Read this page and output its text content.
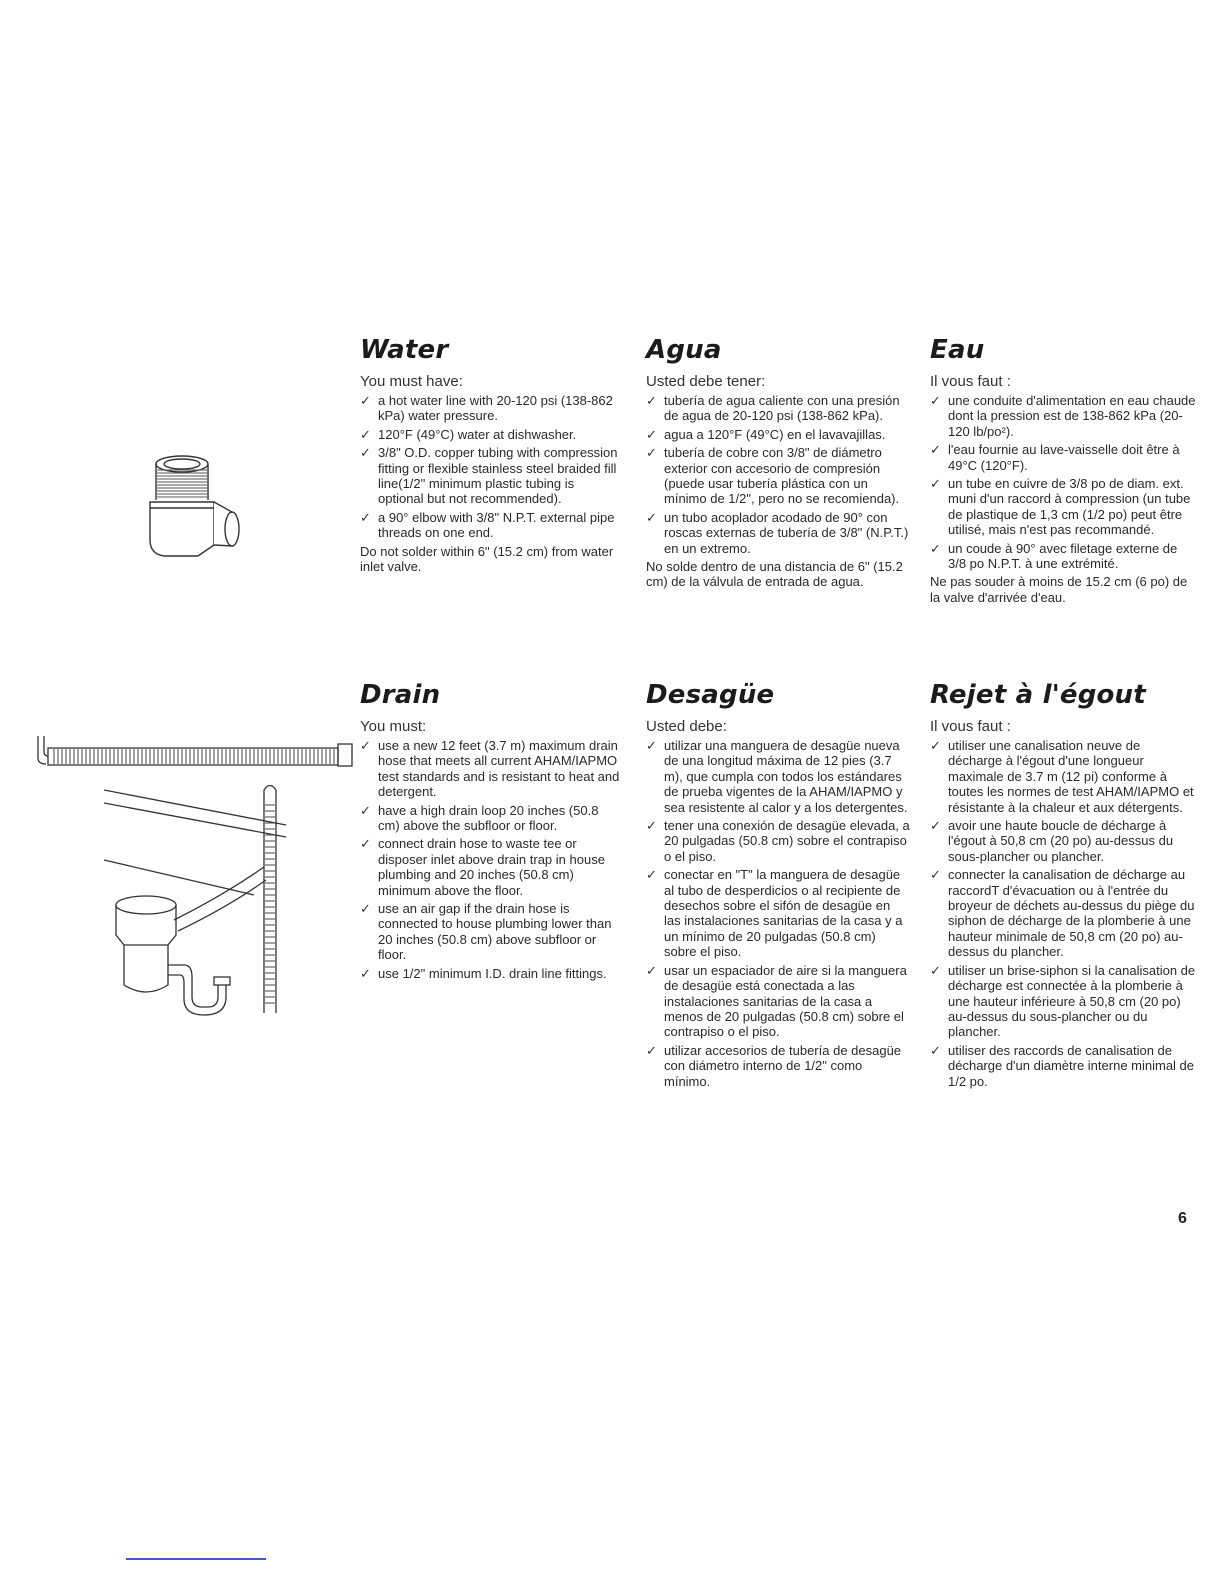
Water

You must have:

✓ a hot water line with 20-120 psi (138-862 kPa) water pressure.
✓ 120°F (49°C) water at dishwasher.
✓ 3/8" O.D. copper tubing with compression fitting or flexible stainless steel braided fill line(1/2" minimum plastic tubing is optional but not recommended).
✓ a 90° elbow with 3/8" N.P.T. external pipe threads on one end.

Do not solder within 6" (15.2 cm) from water inlet valve.

Agua

Usted debe tener:

✓ tubería de agua caliente con una presión de agua de 20-120 psi (138-862 kPa).
✓ agua a 120°F (49°C) en el lavavajillas.
✓ tubería de cobre con 3/8" de diámetro exterior con accesorio de compresión (puede usar tubería plástica con un mínimo de 1/2", pero no se recomienda).
✓ un tubo acoplador acodado de 90° con roscas externas de tubería de 3/8" (N.P.T.) en un extremo.

No solde dentro de una distancia de 6" (15.2 cm) de la válvula de entrada de agua.

Eau

Il vous faut :

✓ une conduite d'alimentation en eau chaude dont la pression est de 138-862 kPa (20-120 lb/po²).
✓ l'eau fournie au lave-vaisselle doit être à 49°C (120°F).
✓ un tube en cuivre de 3/8 po de diam. ext. muni d'un raccord à compression (un tube de plastique de 1,3 cm (1/2 po) peut être utilisé, mais n'est pas recommandé.
✓ un coude à 90° avec filetage externe de 3/8 po N.P.T. à une extrémité.

Ne pas souder à moins de 15.2 cm (6 po) de la valve d'arrivée d'eau.

Drain

You must:

✓ use a new 12 feet (3.7 m) maximum drain hose that meets all current AHAM/IAPMO test standards and is resistant to heat and detergent.
✓ have a high drain loop 20 inches (50.8 cm) above the subfloor or floor.
✓ connect drain hose to waste tee or disposer inlet above drain trap in house plumbing and 20 inches (50.8 cm) minimum above the floor.
✓ use an air gap if the drain hose is connected to house plumbing lower than 20 inches (50.8 cm) above subfloor or floor.
✓ use 1/2" minimum I.D. drain line fittings.
Desagüe

Usted debe:

✓ utilizar una manguera de desagüe nueva de una longitud máxima de 12 pies (3.7 m), que cumpla con todos los estándares de prueba vigentes de la AHAM/IAPMO y sea resistente al calor y a los detergentes.
✓ tener una conexión de desagüe elevada, a 20 pulgadas (50.8 cm) sobre el contrapiso o el piso.
✓ conectar en "T" la manguera de desagüe al tubo de desperdicios o al recipiente de desechos sobre el sifón de desagüe en las instalaciones sanitarias de la casa y a un mínimo de 20 pulgadas (50.8 cm) sobre el piso.
✓ usar un espaciador de aire si la manguera de desagüe está conectada a las instalaciones sanitarias de la casa a menos de 20 pulgadas (50.8 cm) sobre el contrapiso o el piso.
✓ utilizar accesorios de tubería de desagüe con diámetro interno de 1/2" como mínimo.
Rejet à l'égout

Il vous faut :

✓ utiliser une canalisation neuve de décharge à l'égout d'une longueur maximale de 3.7 m (12 pi) conforme à toutes les normes de test AHAM/IAPMO et résistante à la chaleur et aux détergents.
✓ avoir une haute boucle de décharge à l'égout à 50,8 cm (20 po) au-dessus du sous-plancher ou plancher.
✓ connecter la canalisation de décharge au raccordT d'évacuation ou à l'entrée du broyeur de déchets au-dessus du piège du siphon de décharge de la plomberie à une hauteur minimale de 50,8 cm (20 po) au-dessus du plancher.
✓ utiliser un brise-siphon si la canalisation de décharge est connectée à la plomberie à une hauteur inférieure à 50,8 cm (20 po) au-dessus du sous-plancher ou du plancher.
✓ utiliser des raccords de canalisation de décharge d'un diamètre interne minimal de 1/2 po.
6
